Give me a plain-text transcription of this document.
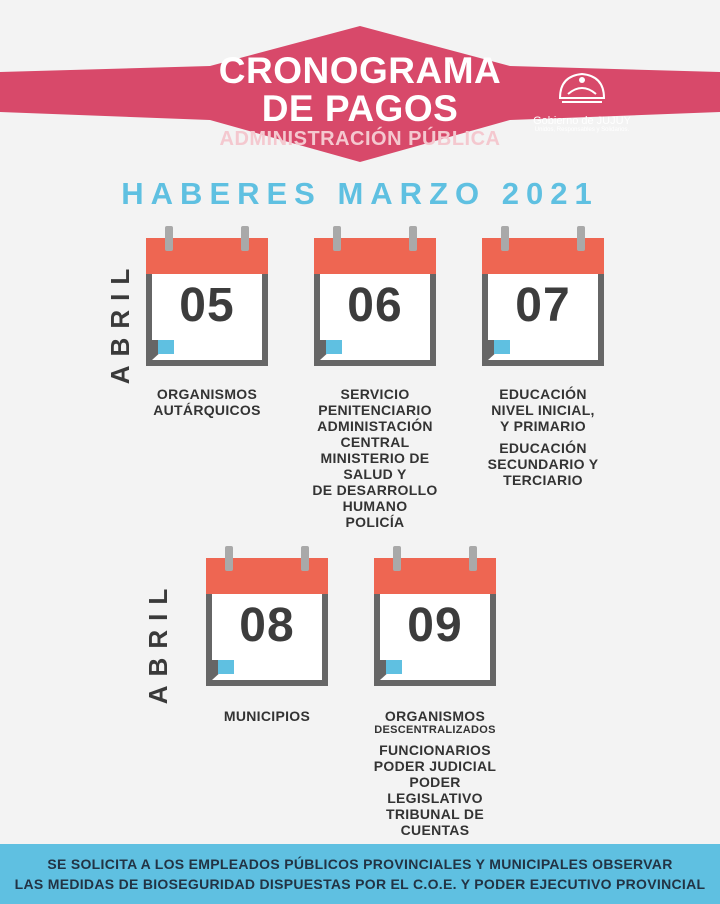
CRONOGRAMA
DE PAGOS
ADMINISTRACIÓN PÚBLICA
Gobierno de JUJUY
Unidos, Responsables y Solidarios.
HABERES MARZO 2021
ABRIL
ABRIL
05	06	07
08	09
ORGANISMOS
AUTÁRQUICOS
SERVICIO
PENITENCIARIO
ADMINISTACIÓN
CENTRAL
MINISTERIO DE
SALUD Y
DE DESARROLLO
HUMANO
POLICÍA
EDUCACIÓN
NIVEL INICIAL,
Y PRIMARIO
EDUCACIÓN
SECUNDARIO Y
TERCIARIO
MUNICIPIOS	ORGANISMOS
DESCENTRALIZADOS
FUNCIONARIOS
PODER JUDICIAL
PODER
LEGISLATIVO
TRIBUNAL DE
CUENTAS
SE SOLICITA A LOS EMPLEADOS PÚBLICOS PROVINCIALES Y MUNICIPALES OBSERVAR
LAS MEDIDAS DE BIOSEGURIDAD DISPUESTAS POR EL C.O.E. Y PODER EJECUTIVO PROVINCIAL
